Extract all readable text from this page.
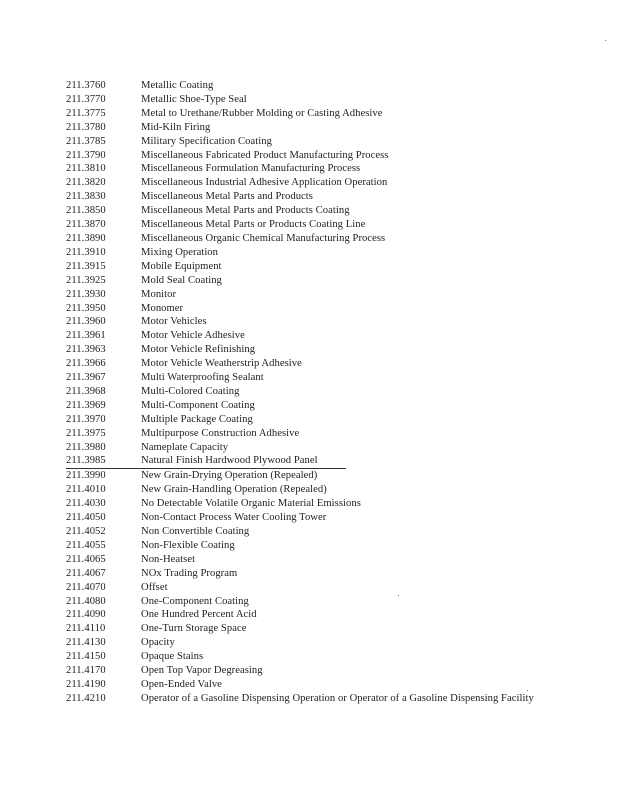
211.3760	Metallic Coating
211.3770	Metallic Shoe-Type Seal
211.3775	Metal to Urethane/Rubber Molding or Casting Adhesive
211.3780	Mid-Kiln Firing
211.3785	Military Specification Coating
211.3790	Miscellaneous Fabricated Product Manufacturing Process
211.3810	Miscellaneous Formulation Manufacturing Process
211.3820	Miscellaneous Industrial Adhesive Application Operation
211.3830	Miscellaneous Metal Parts and Products
211.3850	Miscellaneous Metal Parts and Products Coating
211.3870	Miscellaneous Metal Parts or Products Coating Line
211.3890	Miscellaneous Organic Chemical Manufacturing Process
211.3910	Mixing Operation
211.3915	Mobile Equipment
211.3925	Mold Seal Coating
211.3930	Monitor
211.3950	Monomer
211.3960	Motor Vehicles
211.3961	Motor Vehicle Adhesive
211.3963	Motor Vehicle Refinishing
211.3966	Motor Vehicle Weatherstrip Adhesive
211.3967	Multi Waterproofing Sealant
211.3968	Multi-Colored Coating
211.3969	Multi-Component Coating
211.3970	Multiple Package Coating
211.3975	Multipurpose Construction Adhesive
211.3980	Nameplate Capacity
211.3985	Natural Finish Hardwood Plywood Panel
211.3990	New Grain-Drying Operation (Repealed)
211.4010	New Grain-Handling Operation (Repealed)
211.4030	No Detectable Volatile Organic Material Emissions
211.4050	Non-Contact Process Water Cooling Tower
211.4052	Non Convertible Coating
211.4055	Non-Flexible Coating
211.4065	Non-Heatset
211.4067	NOx Trading Program
211.4070	Offset
211.4080	One-Component Coating
211.4090	One Hundred Percent Acid
211.4110	One-Turn Storage Space
211.4130	Opacity
211.4150	Opaque Stains
211.4170	Open Top Vapor Degreasing
211.4190	Open-Ended Valve
211.4210	Operator of a Gasoline Dispensing Operation or Operator of a Gasoline Dispensing Facility
